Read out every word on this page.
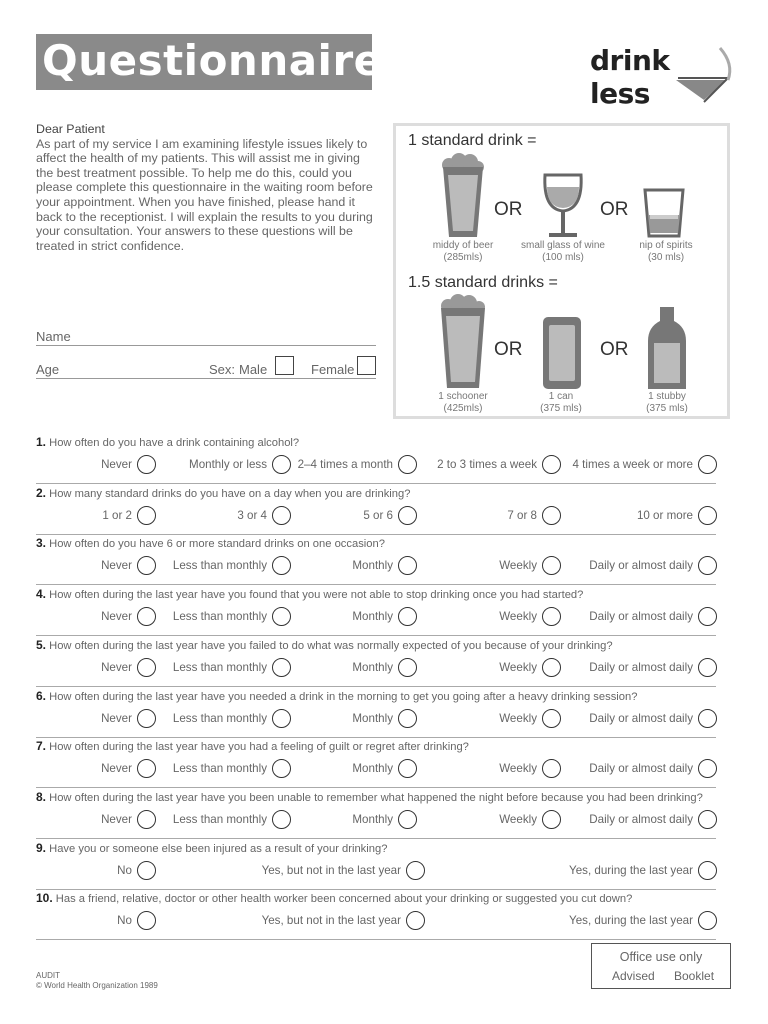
Questionnaire	drink less
Dear Patient
As part of my service I am examining lifestyle issues likely to affect the health of my patients. This will assist me in giving the best treatment possible. To help me do this, could you please complete this questionnaire in the waiting room before your appointment. When you have finished, please hand it back to the receptionist. I will explain the results to you during your consultation. Your answers to these questions will be treated in strict confidence.
Name
Age	Sex: Male	Female
1 standard drink =
OR	OR
middy of beer
(285mls)
small glass of wine
(100 mls)
nip of spirits
(30 mls)
1.5 standard drinks =
OR	OR
1 schooner
(425mls)
1 can
(375 mls)
1 stubby
(375 mls)
1. How often do you have a drink containing alcohol?
Never	Monthly or less	2–4 times a month	2 to 3 times a week	4 times a week or more
2. How many standard drinks do you have on a day when you are drinking?
1 or 2	3 or 4	5 or 6	7 or 8	10 or more
3. How often do you have 6 or more standard drinks on one occasion?
Never	Less than monthly	Monthly	Weekly	Daily or almost daily
4. How often during the last year have you found that you were not able to stop drinking once you had started?
Never	Less than monthly	Monthly	Weekly	Daily or almost daily
5. How often during the last year have you failed to do what was normally expected of you because of your drinking?
Never	Less than monthly	Monthly	Weekly	Daily or almost daily
6. How often during the last year have you needed a drink in the morning to get you going after a heavy drinking session?
Never	Less than monthly	Monthly	Weekly	Daily or almost daily
7. How often during the last year have you had a feeling of guilt or regret after drinking?
Never	Less than monthly	Monthly	Weekly	Daily or almost daily
8. How often during the last year have you been unable to remember what happened the night before because you had been drinking?
Never	Less than monthly	Monthly	Weekly	Daily or almost daily
9. Have you or someone else been injured as a result of your drinking?
No	Yes, but not in the last year	Yes, during the last year
10. Has a friend, relative, doctor or other health worker been concerned about your drinking or suggested you cut down?
No	Yes, but not in the last year	Yes, during the last year
Office use only
Advised Booklet
AUDIT
© World Health Organization 1989
